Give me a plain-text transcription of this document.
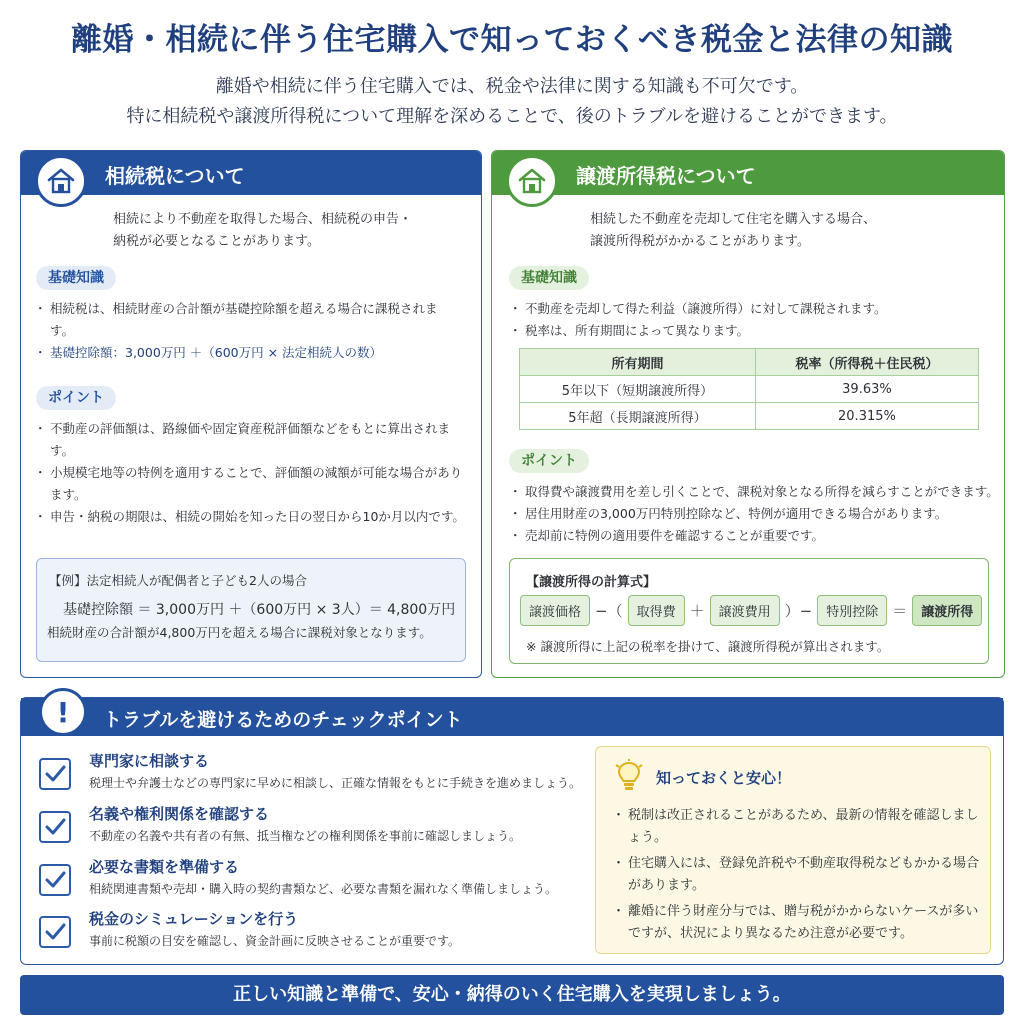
離婚・相続に伴う住宅購入で知っておくべき税金と法律の知識
離婚や相続に伴う住宅購入では、税金や法律に関する知識も不可欠です。
特に相続税や譲渡所得税について理解を深めることで、後のトラブルを避けることができます。
相続税について
相続により不動産を取得した場合、相続税の申告・
納税が必要となることがあります。
基礎知識
・ 相続税は、相続財産の合計額が基礎控除額を超える場合に課税されます。
・ 基礎控除額：3,000万円 ＋（600万円 × 法定相続人の数）
ポイント
・ 不動産の評価額は、路線価や固定資産税評価額などをもとに算出されます。
・ 小規模宅地等の特例を適用することで、評価額の減額が可能な場合があります。
・ 申告・納税の期限は、相続の開始を知った日の翌日から10か月以内です。
【例】法定相続人が配偶者と子ども2人の場合
基礎控除額 ＝ 3,000万円 ＋（600万円 × 3人）＝ 4,800万円
相続財産の合計額が4,800万円を超える場合に課税対象となります。
譲渡所得税について
相続した不動産を売却して住宅を購入する場合、
譲渡所得税がかかることがあります。
基礎知識
・ 不動産を売却して得た利益（譲渡所得）に対して課税されます。
・ 税率は、所有期間によって異なります。
所有期間	税率（所得税＋住民税）
5年以下（短期譲渡所得）	39.63%
5年超（長期譲渡所得）	20.315%
ポイント
・ 取得費や譲渡費用を差し引くことで、課税対象となる所得を減らすことができます。
・ 居住用財産の3,000万円特別控除など、特例が適用できる場合があります。
・ 売却前に特例の適用要件を確認することが重要です。
【譲渡所得の計算式】
譲渡価格 −（	取得費 ＋	譲渡費用 ）−	特別控除 ＝	譲渡所得
※ 譲渡所得に上記の税率を掛けて、譲渡所得税が算出されます。
トラブルを避けるためのチェックポイント
!
専門家に相談する
税理士や弁護士などの専門家に早めに相談し、正確な情報をもとに手続きを進めましょう。
名義や権利関係を確認する
不動産の名義や共有者の有無、抵当権などの権利関係を事前に確認しましょう。
必要な書類を準備する
相続関連書類や売却・購入時の契約書類など、必要な書類を漏れなく準備しましょう。
税金のシミュレーションを行う
事前に税額の目安を確認し、資金計画に反映させることが重要です。
知っておくと安心！
・ 税制は改正されることがあるため、最新の情報を確認しましょう。
・ 住宅購入には、登録免許税や不動産取得税などもかかる場合があります。
・ 離婚に伴う財産分与では、贈与税がかからないケースが多いですが、状況により異なるため注意が必要です。
正しい知識と準備で、安心・納得のいく住宅購入を実現しましょう。
